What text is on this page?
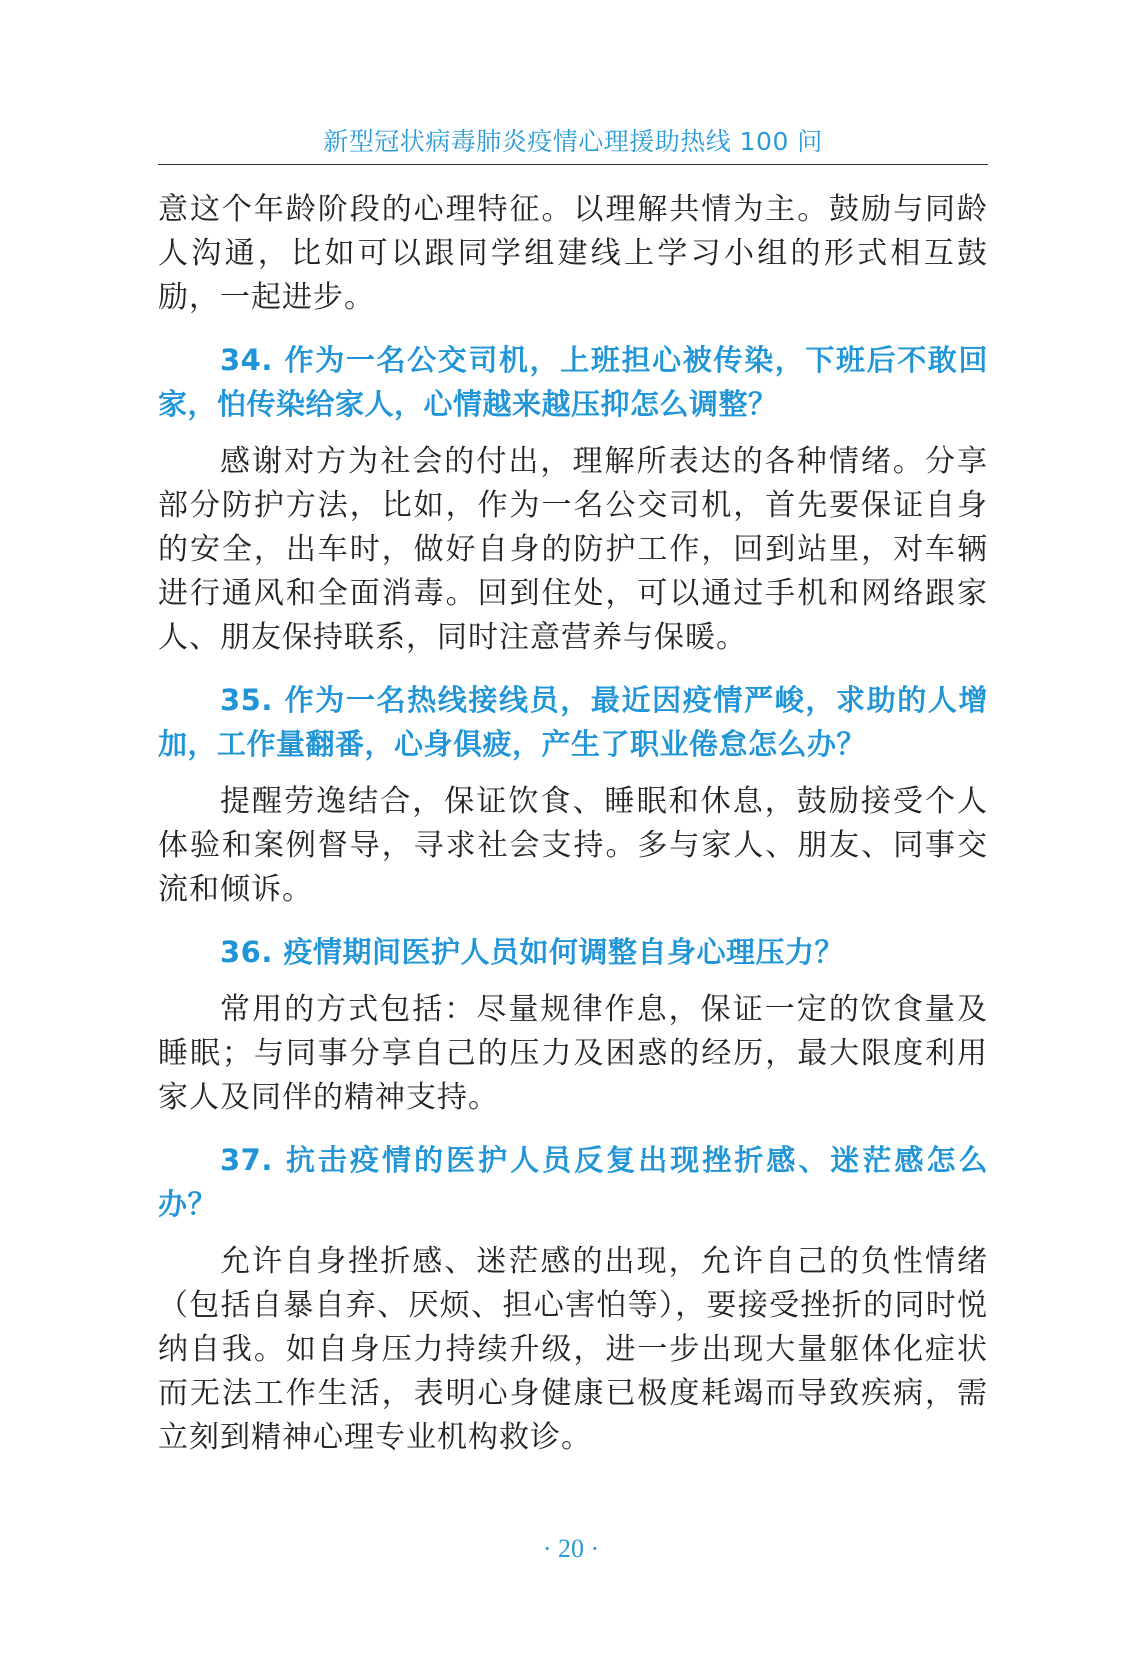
新型冠状病毒肺炎疫情心理援助热线 100 问

意这个年龄阶段的心理特征。以理解共情为主。鼓励与同龄人沟通，比如可以跟同学组建线上学习小组的形式相互鼓励，一起进步。

34. 作为一名公交司机，上班担心被传染，下班后不敢回家，怕传染给家人，心情越来越压抑怎么调整？

感谢对方为社会的付出，理解所表达的各种情绪。分享部分防护方法，比如，作为一名公交司机，首先要保证自身的安全，出车时，做好自身的防护工作，回到站里，对车辆进行通风和全面消毒。回到住处，可以通过手机和网络跟家人、朋友保持联系，同时注意营养与保暖。

35. 作为一名热线接线员，最近因疫情严峻，求助的人增加，工作量翻番，心身俱疲，产生了职业倦怠怎么办？

提醒劳逸结合，保证饮食、睡眠和休息，鼓励接受个人体验和案例督导，寻求社会支持。多与家人、朋友、同事交流和倾诉。

36. 疫情期间医护人员如何调整自身心理压力？

常用的方式包括：尽量规律作息，保证一定的饮食量及睡眠；与同事分享自己的压力及困惑的经历，最大限度利用家人及同伴的精神支持。

37. 抗击疫情的医护人员反复出现挫折感、迷茫感怎么办？

允许自身挫折感、迷茫感的出现，允许自己的负性情绪（包括自暴自弃、厌烦、担心害怕等），要接受挫折的同时悦纳自我。如自身压力持续升级，进一步出现大量躯体化症状而无法工作生活，表明心身健康已极度耗竭而导致疾病，需立刻到精神心理专业机构救诊。

· 20 ·
